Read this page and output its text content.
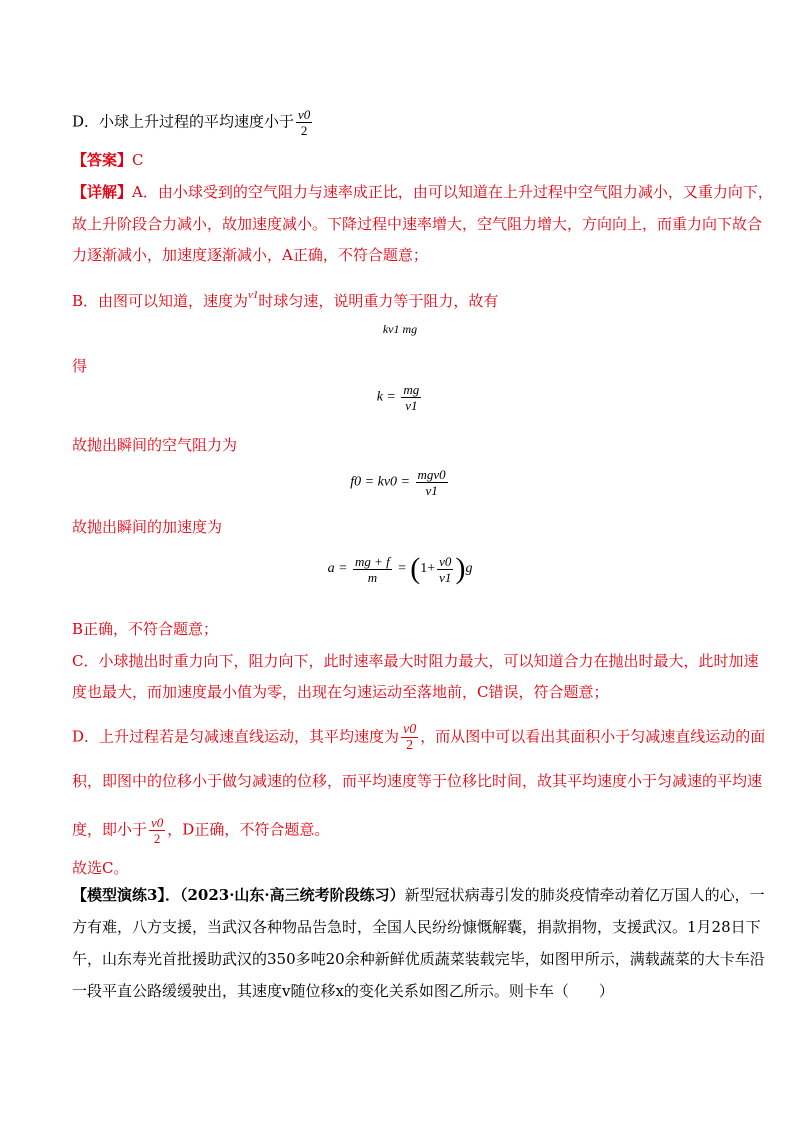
D．小球上升过程的平均速度小于 $\frac{v0}{2}$
【答案】C
【详解】A．由小球受到的空气阻力与速率成正比，由可以知道在上升过程中空气阻力减小，又重力向下，
故上升阶段合力减小，故加速度减小。下降过程中速率增大，空气阻力增大，方向向上，而重力向下故合
力逐渐减小，加速度逐渐减小，A正确，不符合题意；
B．由图可以知道，速度为$^{v1}$时球匀速，说明重力等于阻力，故有
kv1 mg
得
$k = \frac{mg}{v1}$
故抛出瞬间的空气阻力为
$f0 = kv0 = \frac{\text{mgv0}}{v1}$
故抛出瞬间的加速度为
$a = \frac{mg + f}{m} = (1+ \frac{v0}{v1} )g$
B正确，不符合题意；
C．小球抛出时重力向下，阻力向下，此时速率最大时阻力最大，可以知道合力在抛出时最大，此时加速
度也最大，而加速度最小值为零，出现在匀速运动至落地前，C错误，符合题意；
D．上升过程若是匀减速直线运动，其平均速度为 $\frac{v0}{2}$ ，而从图中可以看出其面积小于匀减速直线运动的面
积，即图中的位移小于做匀减速的位移，而平均速度等于位移比时间，故其平均速度小于匀减速的平均速
度，即小于 $\frac{v0}{2}$ ，D正确，不符合题意。
故选C。
【模型演练3】．（2023·山东·高三统考阶段练习）新型冠状病毒引发的肺炎疫情牵动着亿万国人的心，一
方有难，八方支援，当武汉各种物品告急时，全国人民纷纷慷慨解囊，捐款捐物，支援武汉。1月28日下
午，山东寿光首批援助武汉的350多吨20余种新鲜优质蔬菜装载完毕，如图甲所示，满载蔬菜的大卡车沿
一段平直公路缓缓驶出，其速度v随位移x的变化关系如图乙所示。则卡车（　　）
